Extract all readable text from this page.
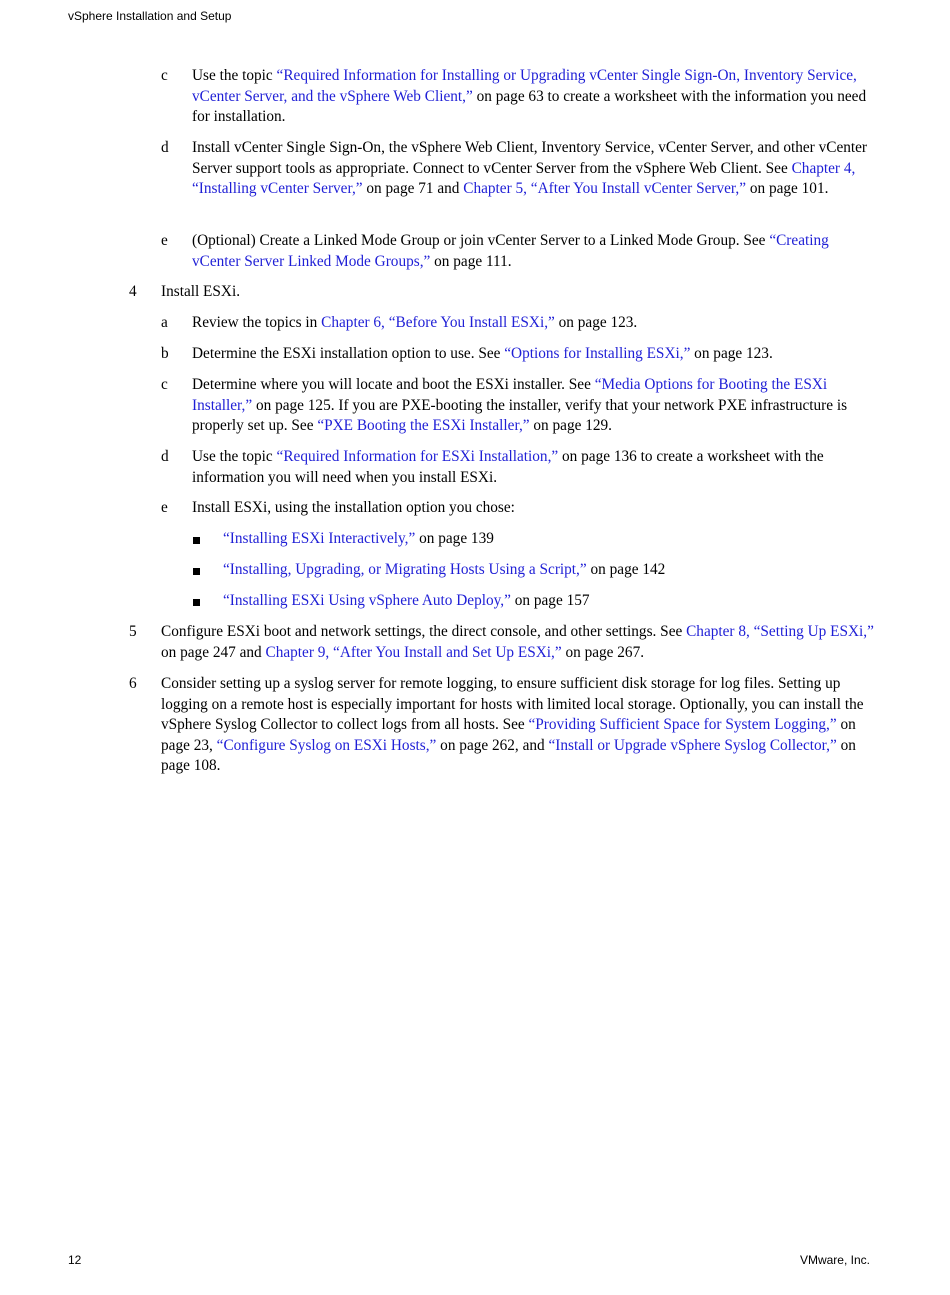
vSphere Installation and Setup
c Use the topic “Required Information for Installing or Upgrading vCenter Single Sign-On, Inventory Service, vCenter Server, and the vSphere Web Client,” on page 63 to create a worksheet with the information you need for installation.
d Install vCenter Single Sign-On, the vSphere Web Client, Inventory Service, vCenter Server, and other vCenter Server support tools as appropriate. Connect to vCenter Server from the vSphere Web Client. See Chapter 4, “Installing vCenter Server,” on page 71 and Chapter 5, “After You Install vCenter Server,” on page 101.
e (Optional) Create a Linked Mode Group or join vCenter Server to a Linked Mode Group. See “Creating vCenter Server Linked Mode Groups,” on page 111.
4 Install ESXi.
a Review the topics in Chapter 6, “Before You Install ESXi,” on page 123.
b Determine the ESXi installation option to use. See “Options for Installing ESXi,” on page 123.
c Determine where you will locate and boot the ESXi installer. See “Media Options for Booting the ESXi Installer,” on page 125. If you are PXE-booting the installer, verify that your network PXE infrastructure is properly set up. See “PXE Booting the ESXi Installer,” on page 129.
d Use the topic “Required Information for ESXi Installation,” on page 136 to create a worksheet with the information you will need when you install ESXi.
e Install ESXi, using the installation option you chose:
“Installing ESXi Interactively,” on page 139
“Installing, Upgrading, or Migrating Hosts Using a Script,” on page 142
“Installing ESXi Using vSphere Auto Deploy,” on page 157
5 Configure ESXi boot and network settings, the direct console, and other settings. See Chapter 8, “Setting Up ESXi,” on page 247 and Chapter 9, “After You Install and Set Up ESXi,” on page 267.
6 Consider setting up a syslog server for remote logging, to ensure sufficient disk storage for log files. Setting up logging on a remote host is especially important for hosts with limited local storage. Optionally, you can install the vSphere Syslog Collector to collect logs from all hosts. See “Providing Sufficient Space for System Logging,” on page 23, “Configure Syslog on ESXi Hosts,” on page 262, and “Install or Upgrade vSphere Syslog Collector,” on page 108.
12	VMware, Inc.
